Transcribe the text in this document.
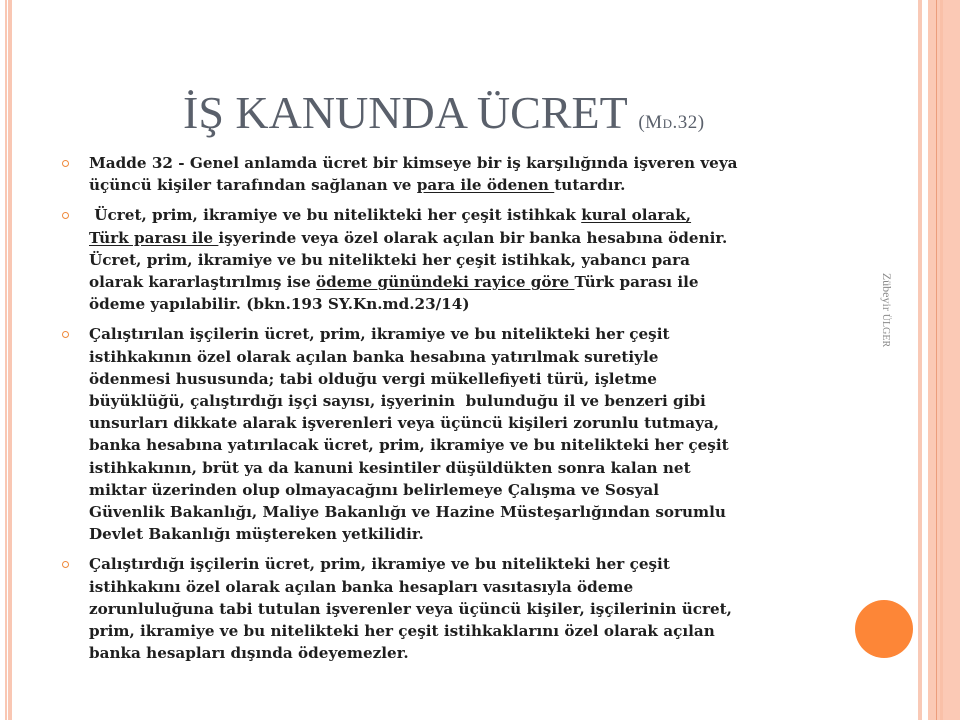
İŞ KANUNDA ÜCRET (Md.32)
Madde 32 - Genel anlamda ücret bir kimseye bir iş karşılığında işveren veya
üçüncü kişiler tarafından sağlanan ve para ile ödenen tutardır.
Ücret, prim, ikramiye ve bu nitelikteki her çeşit istihkak kural olarak,
Türk parası ile işyerinde veya özel olarak açılan bir banka hesabına ödenir.
Ücret, prim, ikramiye ve bu nitelikteki her çeşit istihkak, yabancı para
olarak kararlaştırılmış ise ödeme günündeki rayice göre Türk parası ile
ödeme yapılabilir. (bkn.193 SY.Kn.md.23/14)
Çalıştırılan işçilerin ücret, prim, ikramiye ve bu nitelikteki her çeşit
istihkakının özel olarak açılan banka hesabına yatırılmak suretiyle
ödenmesi hususunda; tabi olduğu vergi mükellefiyeti türü, işletme
büyüklüğü, çalıştırdığı işçi sayısı, işyerinin  bulunduğu il ve benzeri gibi
unsurları dikkate alarak işverenleri veya üçüncü kişileri zorunlu tutmaya,
banka hesabına yatırılacak ücret, prim, ikramiye ve bu nitelikteki her çeşit
istihkakının, brüt ya da kanuni kesintiler düşüldükten sonra kalan net
miktar üzerinden olup olmayacağını belirlemeye Çalışma ve Sosyal
Güvenlik Bakanlığı, Maliye Bakanlığı ve Hazine Müsteşarlığından sorumlu
Devlet Bakanlığı müştereken yetkilidir.
Çalıştırdığı işçilerin ücret, prim, ikramiye ve bu nitelikteki her çeşit
istihkakını özel olarak açılan banka hesapları vasıtasıyla ödeme
zorunluluğuna tabi tutulan işverenler veya üçüncü kişiler, işçilerinin ücret,
prim, ikramiye ve bu nitelikteki her çeşit istihkaklarını özel olarak açılan
banka hesapları dışında ödeyemezler.
Zübeyir ÜLGER
